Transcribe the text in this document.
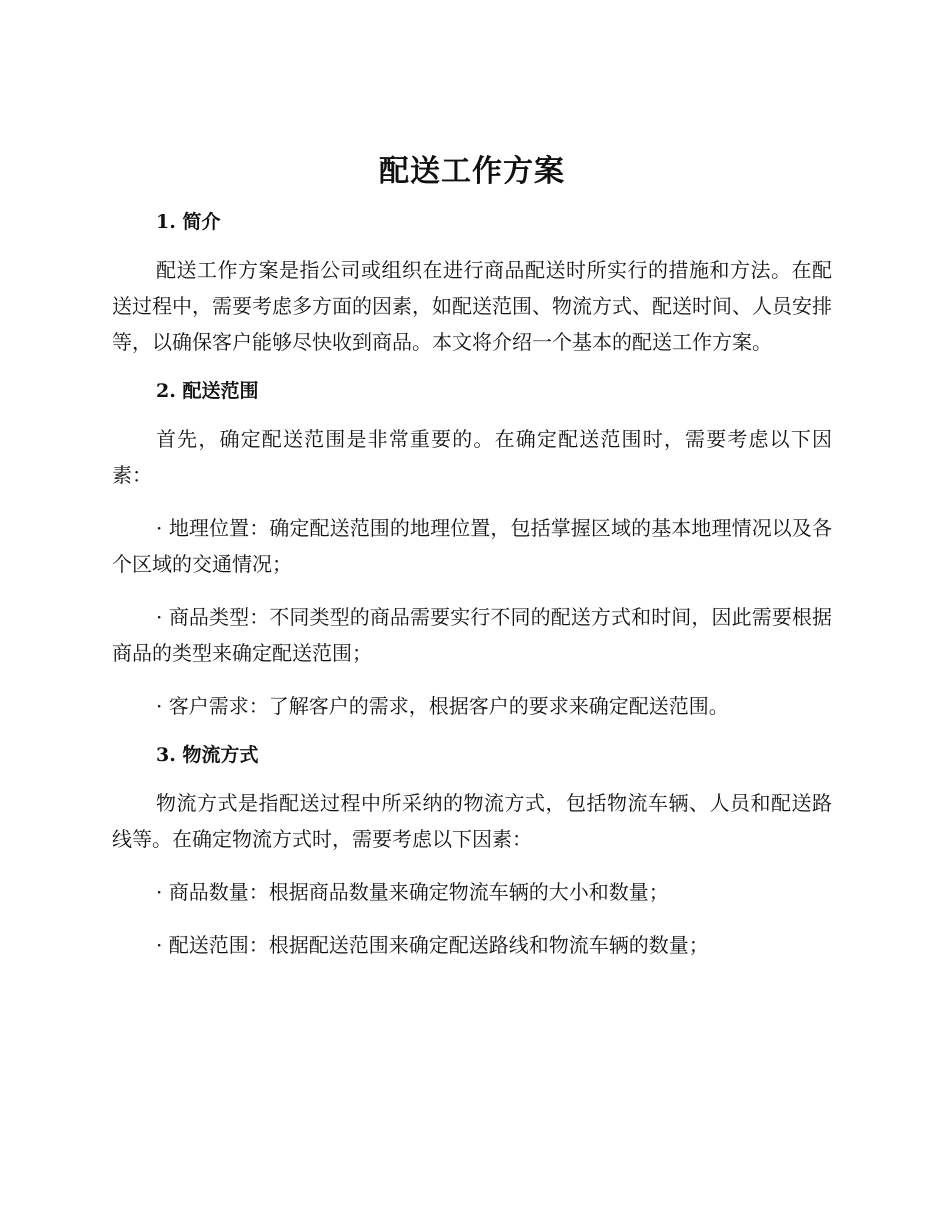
配送工作方案
1. 简介

配送工作方案是指公司或组织在进行商品配送时所实行的措施和方法。在配送过程中，需要考虑多方面的因素，如配送范围、物流方式、配送时间、人员安排等，以确保客户能够尽快收到商品。本文将介绍一个基本的配送工作方案。

2. 配送范围

首先，确定配送范围是非常重要的。在确定配送范围时，需要考虑以下因素：

· 地理位置：确定配送范围的地理位置，包括掌握区域的基本地理情况以及各个区域的交通情况；

· 商品类型：不同类型的商品需要实行不同的配送方式和时间，因此需要根据商品的类型来确定配送范围；

· 客户需求：了解客户的需求，根据客户的要求来确定配送范围。

3. 物流方式

物流方式是指配送过程中所采纳的物流方式，包括物流车辆、人员和配送路线等。在确定物流方式时，需要考虑以下因素：

· 商品数量：根据商品数量来确定物流车辆的大小和数量；

· 配送范围：根据配送范围来确定配送路线和物流车辆的数量；
